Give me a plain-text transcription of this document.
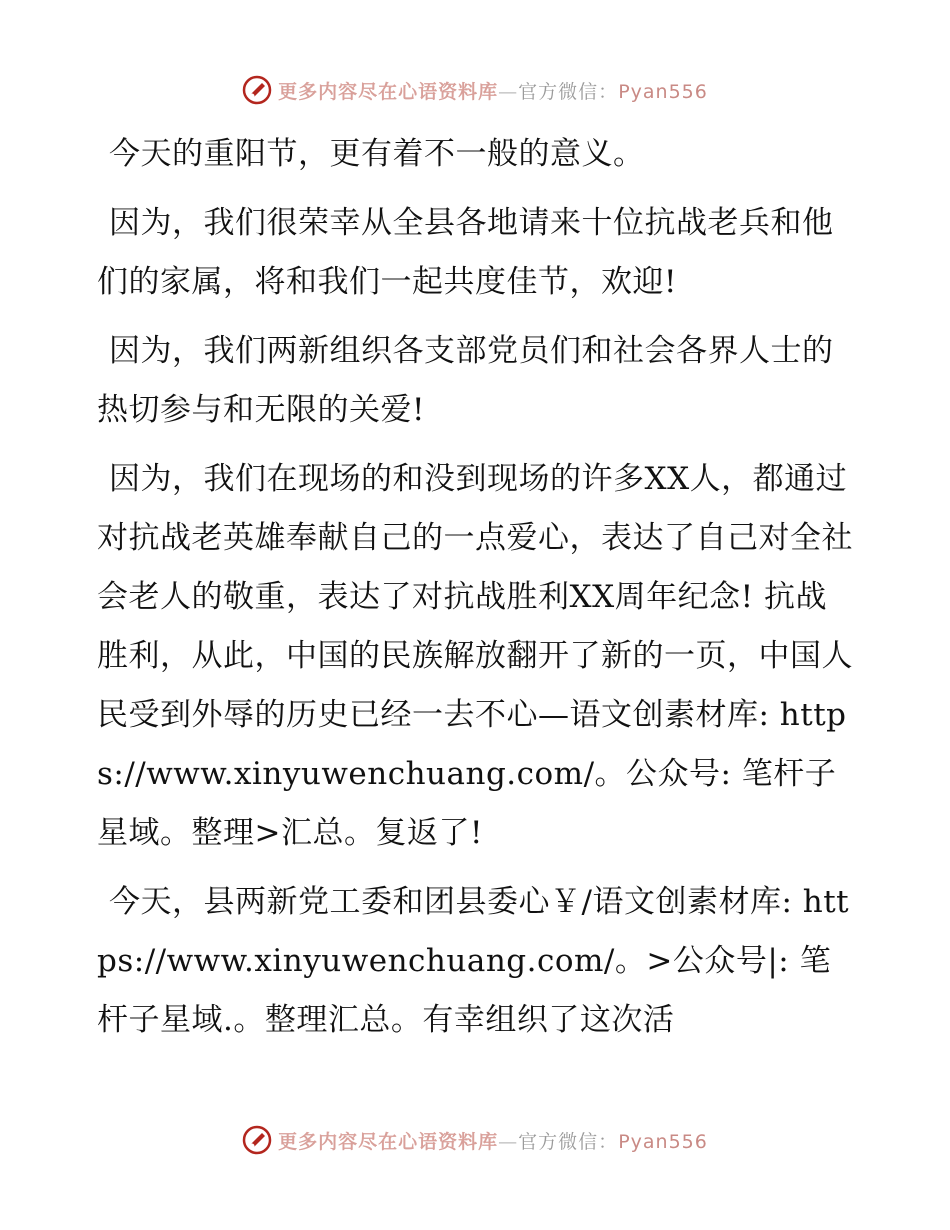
更多内容尽在心语资料库—官方微信：Pyan556

今天的重阳节，更有着不一般的意义。

因为，我们很荣幸从全县各地请来十位抗战老兵和他们的家属，将和我们一起共度佳节，欢迎!

因为，我们两新组织各支部党员们和社会各界人士的热切参与和无限的关爱!

因为，我们在现场的和没到现场的许多XX人，都通过对抗战老英雄奉献自己的一点爱心，表达了自己对全社会老人的敬重，表达了对抗战胜利XX周年纪念! 抗战胜利，从此，中国的民族解放翻开了新的一页，中国人民受到外辱的历史已经一去不心—语文创素材库: https://www.xinyuwenchuang.com/。公众号: 笔杆子星域。整理>汇总。复返了!

今天，县两新党工委和团县委心￥/语文创素材库: https://www.xinyuwenchuang.com/。>公众号|: 笔杆子星域.。整理汇总。有幸组织了这次活

更多内容尽在心语资料库—官方微信：Pyan556
